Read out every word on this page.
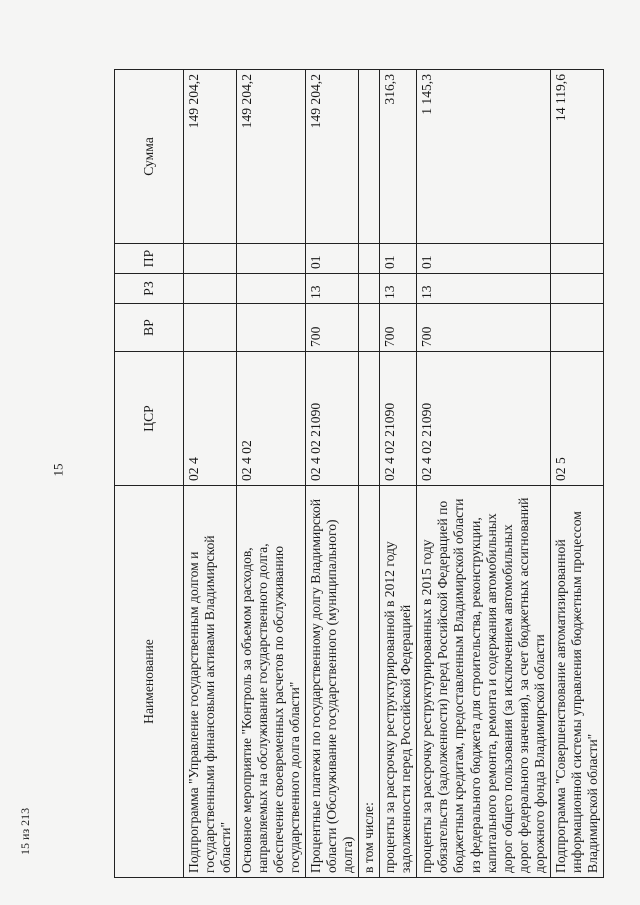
15
15 из 213
Наименование	ЦСР	ВР	РЗ	ПР	Сумма
Подпрограмма "Управление государственным долгом и государственными финансовыми активами Владимирской области"	02 4				149 204,2
Основное мероприятие "Контроль за объемом расходов, направляемых на обслуживание государственного долга, обеспечение своевременных расчетов по обслуживанию государственного долга области"	02 4 02				149 204,2
Процентные платежи по государственному долгу Владимирской области (Обслуживание государственного (муниципального) долга)	02 4 02 21090	700	13	01	149 204,2
в том числе:					
проценты за рассрочку реструктурированной в 2012 году задолженности перед Российской Федерацией	02 4 02 21090	700	13	01	316,3
проценты за рассрочку реструктурированных в 2015 году обязательств (задолженности) перед Российской Федерацией по бюджетным кредитам, предоставленным Владимирской области из федерального бюджета для строительства, реконструкции, капитального ремонта, ремонта и содержания автомобильных дорог общего пользования (за исключением автомобильных дорог федерального значения), за счет бюджетных ассигнований дорожного фонда Владимирской области	02 4 02 21090	700	13	01	1 145,3
Подпрограмма "Совершенствование автоматизированной информационной системы управления бюджетным процессом Владимирской области"	02 5				14 119,6
